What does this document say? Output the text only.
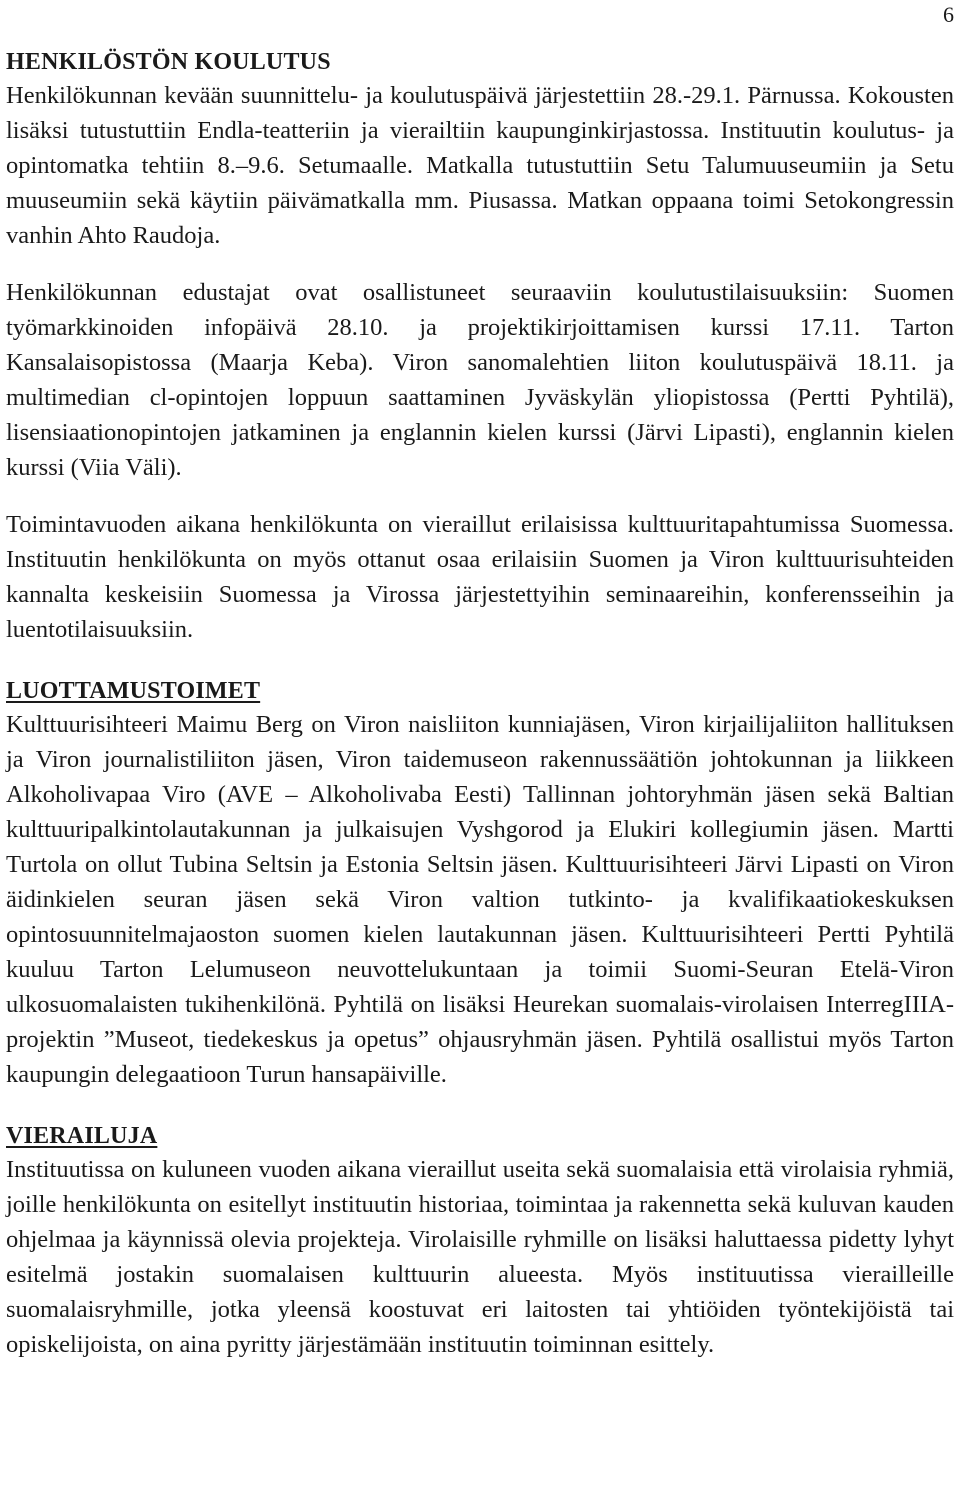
6
HENKILÖSTÖN KOULUTUS

Henkilökunnan kevään suunnittelu- ja koulutuspäivä järjestettiin 28.-29.1. Pärnussa. Kokousten lisäksi tutustuttiin Endla-teatteriin ja vierailtiin kaupunginkirjastossa. Instituutin koulutus- ja opintomatka tehtiin 8.–9.6. Setumaalle. Matkalla tutustuttiin Setu Talumuuseumiin ja Setu muuseumiin sekä käytiin päivämatkalla mm. Piusassa. Matkan oppaana toimi Setokongressin vanhin Ahto Raudoja.

Henkilökunnan edustajat ovat osallistuneet seuraaviin koulutustilaisuuksiin: Suomen työmarkkinoiden infopäivä 28.10. ja projektikirjoittamisen kurssi 17.11. Tarton Kansalaisopistossa (Maarja Keba). Viron sanomalehtien liiton koulutuspäivä 18.11. ja multimedian cl-opintojen loppuun saattaminen Jyväskylän yliopistossa (Pertti Pyhtilä), lisensiaationopintojen jatkaminen ja englannin kielen kurssi (Järvi Lipasti), englannin kielen kurssi (Viia Väli).

Toimintavuoden aikana henkilökunta on vieraillut erilaisissa kulttuuritapahtumissa Suomessa. Instituutin henkilökunta on myös ottanut osaa erilaisiin Suomen ja Viron kulttuurisuhteiden kannalta keskeisiin Suomessa ja Virossa järjestettyihin seminaareihin, konferensseihin ja luentotilaisuuksiin.

LUOTTAMUSTOIMET

Kulttuurisihteeri Maimu Berg on Viron naisliiton kunniajäsen, Viron kirjailijaliiton hallituksen ja Viron journalistiliiton jäsen, Viron taidemuseon rakennussäätiön johtokunnan ja liikkeen Alkoholivapaa Viro (AVE – Alkoholivaba Eesti) Tallinnan johtoryhmän jäsen sekä Baltian kulttuuripalkintolautakunnan ja julkaisujen Vyshgorod ja Elukiri kollegiumin jäsen. Martti Turtola on ollut Tubina Seltsin ja Estonia Seltsin jäsen. Kulttuurisihteeri Järvi Lipasti on Viron äidinkielen seuran jäsen sekä Viron valtion tutkinto- ja kvalifikaatiokeskuksen opintosuunnitelmajaoston suomen kielen lautakunnan jäsen. Kulttuurisihteeri Pertti Pyhtilä kuuluu Tarton Lelumuseon neuvottelukuntaan ja toimii Suomi-Seuran Etelä-Viron ulkosuomalaisten tukihenkilönä. Pyhtilä on lisäksi Heurekan suomalais-virolaisen InterregIIIA-projektin ”Museot, tiedekeskus ja opetus” ohjausryhmän jäsen. Pyhtilä osallistui myös Tarton kaupungin delegaatioon Turun hansapäiville.

VIERAILUJA

Instituutissa on kuluneen vuoden aikana vieraillut useita sekä suomalaisia että virolaisia ryhmiä, joille henkilökunta on esitellyt instituutin historiaa, toimintaa ja rakennetta sekä kuluvan kauden ohjelmaa ja käynnissä olevia projekteja. Virolaisille ryhmille on lisäksi haluttaessa pidetty lyhyt esitelmä jostakin suomalaisen kulttuurin alueesta. Myös instituutissa vierailleille suomalaisryhmille, jotka yleensä koostuvat eri laitosten tai yhtiöiden työntekijöistä tai opiskelijoista, on aina pyritty järjestämään instituutin toiminnan esittely.
